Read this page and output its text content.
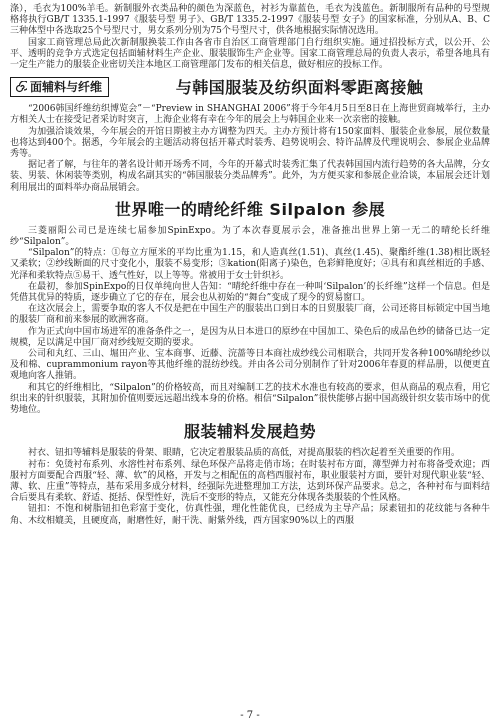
涤），毛衣为100%羊毛。新制服外衣类品种的颜色为深蓝色，衬衫为靠蓝色，毛衣为浅蓝色。新制服所有品种的号型规格将执行GB/T 1335.1-1997《服装号型 男子》、GB/T 1335.2-1997《服装号型 女子》的国家标准，分别从A、B、C三种体型中各选取25个号型尺寸，男女系列分别为75个号型尺寸，供各地根据实际情况选用。

国家工商管理总局此次新制服换装工作由各省市自治区工商管理部门自行组织实施。通过招投标方式，以公开、公平、透明的竞争方式选定包括面辅材料生产企业、服装服饰生产企业等。国家工商管理总局的负责人表示，希望各地具有一定生产能力的服装企业密切关注本地区工商管理部门发布的相关信息，做好相应的投标工作。

面辅料与纤维	与韩国服装及纺织面料零距离接触

“2006韩国纤维纺织博览会”－“Preview in SHANGHAI 2006”将于今年4月5日至8日在上海世贸商城举行，主办方相关人士在接受记者采访时突言，上海企业将有幸在今年的展会上与韩国企业来一次亲密的接触。

为加强洽谈效果，今年展会的开馆日期被主办方调整为四天。主办方预计将有150家面料、服装企业参展，展位数量也将达到400个。据悉，今年展会的主题活动将包括开幕式时装秀、趋势说明会、特许品牌及代理说明会、参展企业品牌秀等。

据记者了解，与往年的著名设计师开场秀不同，今年的开幕式时装秀汇集了代表韩国国内流行趋势的各大品牌，分女装、男装、休闲装等类别，构成名副其实的“韩国服装分类品牌秀”。此外，为方便买家和参展企业洽谈，本届展会还计划利用展出的面料举办商品展销会。

世界唯一的晴纶纤维 Silpalon 参展

三菱丽阳公司已是连续七届参加SpinExpo。为了本次春夏展示会，准备推出世界上第一无二的晴纶长纤维纱“Silpalon”。

“Silpalon”的特点：①每立方厘米的平均比重为1.15，和人造真丝(1.51)、真丝(1.45)、聚酯纤维(1.38)相比既轻又柔软；②纱线断面的尺寸变化小，服装不易变形；③kation(阳离子)染色，色彩鲜艳度好；④具有和真丝相近的手感、光泽和柔软特点⑤易干、透气性好，以上等等。常被用于女士针织衫。

在最初，参加SpinExpo的日仅单纯向世人告知：“晴纶纤维中存在一种叫‘Silpalon’的长纤维”这样一个信息。但是凭借其优异的特质，逐步确立了它的存在，展会也从初始的“舞台”变成了现今的贸易窗口。

在这次展会上，需要争取的客人不仅是把在中国生产的服装出口到日本的日贸服装厂商，公司还将目标锁定中国当地的服装厂商和前来参展的欧洲客商。

作为正式向中国市场进军的准备条件之一，是因为从日本进口的原纱在中国加工、染色后的成品色纱的储备已达一定规模，足以满足中国厂商对纱线短交期的要求。

公司和丸红、三山、堀田产业、宝本商事、近藤、浣蔷等日本商社成纱线公司相联合，共同开发各种100%晴纶纱以及和棉、cuprammonium rayon等其他纤维的混纺纱线。并由各公司分别制作了针对2006年春夏的样品册，以便更直观地向客人推销。

和其它的纤维相比，“Silpalon”的价格较高，而且对编制工艺的技术水准也有较高的要求，但从商品的观点看，用它织出来的针织服装，其附加价值则要远远超出线本身的价格。相信“Silpalon”很快能够占据中国高级针织女装市场中的优势地位。

服装辅料发展趋势

衬衣、钮扣等辅料是服装的骨架、眼睛，它决定着服装品质的高低，对提高服装的档次起着至关重要的作用。

衬布：免烫衬布系列、水溶性衬布系列、绿色环保产品将走俏市场；在时装衬布方面，薄型弹力衬布将备受欢迎；西服衬方面要配合西服“轻、薄、软”的风格，开发与之相配伍的高档西服衬布，职业服装衬方面，要针对现代职业装“轻、薄、软、庄重”等特点，基布采用多成分材料，经强际先进整理加工方法，达到环保产品要求。总之，各种衬布与面料结合后要具有柔软、舒适、挺括、保型性好，洗后不变形的特点，又能充分体现各类服装的个性风格。

钮扣：不饱和树脂钮扣色彩富于变化，仿真性强，理化性能优良，已经成为主导产品；尿素钮扣的花纹能与各种牛角、木纹相媲美，且硬度高，耐磨性好，耐干洗、耐紫外线，西方国家90%以上的西服

- 7 -
